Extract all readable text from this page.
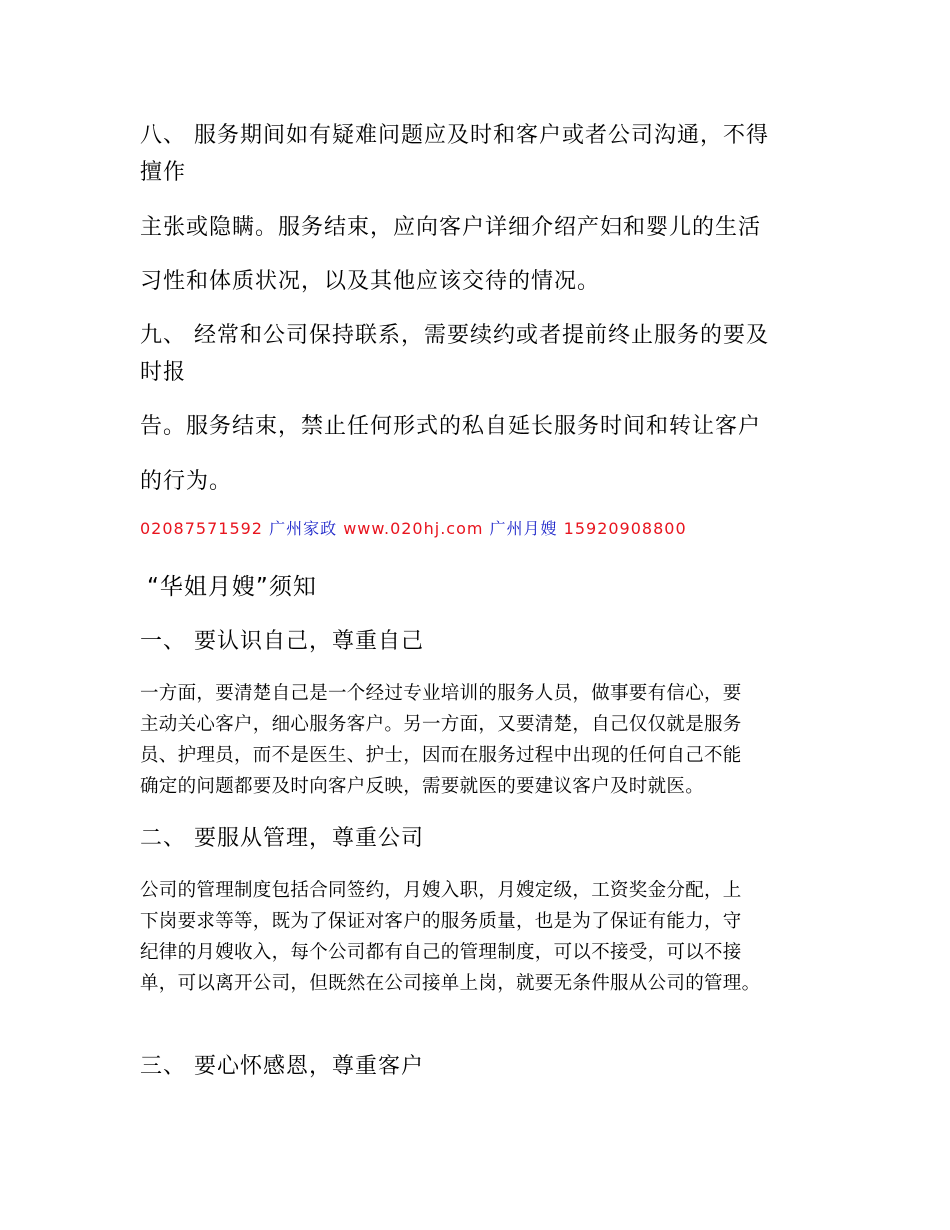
八、 服务期间如有疑难问题应及时和客户或者公司沟通，不得

擅作

主张或隐瞒。服务结束，应向客户详细介绍产妇和婴儿的生活

习性和体质状况，以及其他应该交待的情况。

九、 经常和公司保持联系，需要续约或者提前终止服务的要及

时报

告。服务结束，禁止任何形式的私自延长服务时间和转让客户

的行为。

02087571592 广州家政 www.020hj.com 广州月嫂 15920908800

“华姐月嫂”须知

一、 要认识自己，尊重自己

一方面，要清楚自己是一个经过专业培训的服务人员，做事要有信心，要

主动关心客户，细心服务客户。另一方面，又要清楚，自己仅仅就是服务

员、护理员，而不是医生、护士，因而在服务过程中出现的任何自己不能

确定的问题都要及时向客户反映，需要就医的要建议客户及时就医。

二、 要服从管理，尊重公司

公司的管理制度包括合同签约，月嫂入职，月嫂定级，工资奖金分配，上

下岗要求等等，既为了保证对客户的服务质量，也是为了保证有能力，守

纪律的月嫂收入，每个公司都有自己的管理制度，可以不接受，可以不接

单，可以离开公司，但既然在公司接单上岗，就要无条件服从公司的管理。

三、 要心怀感恩，尊重客户
